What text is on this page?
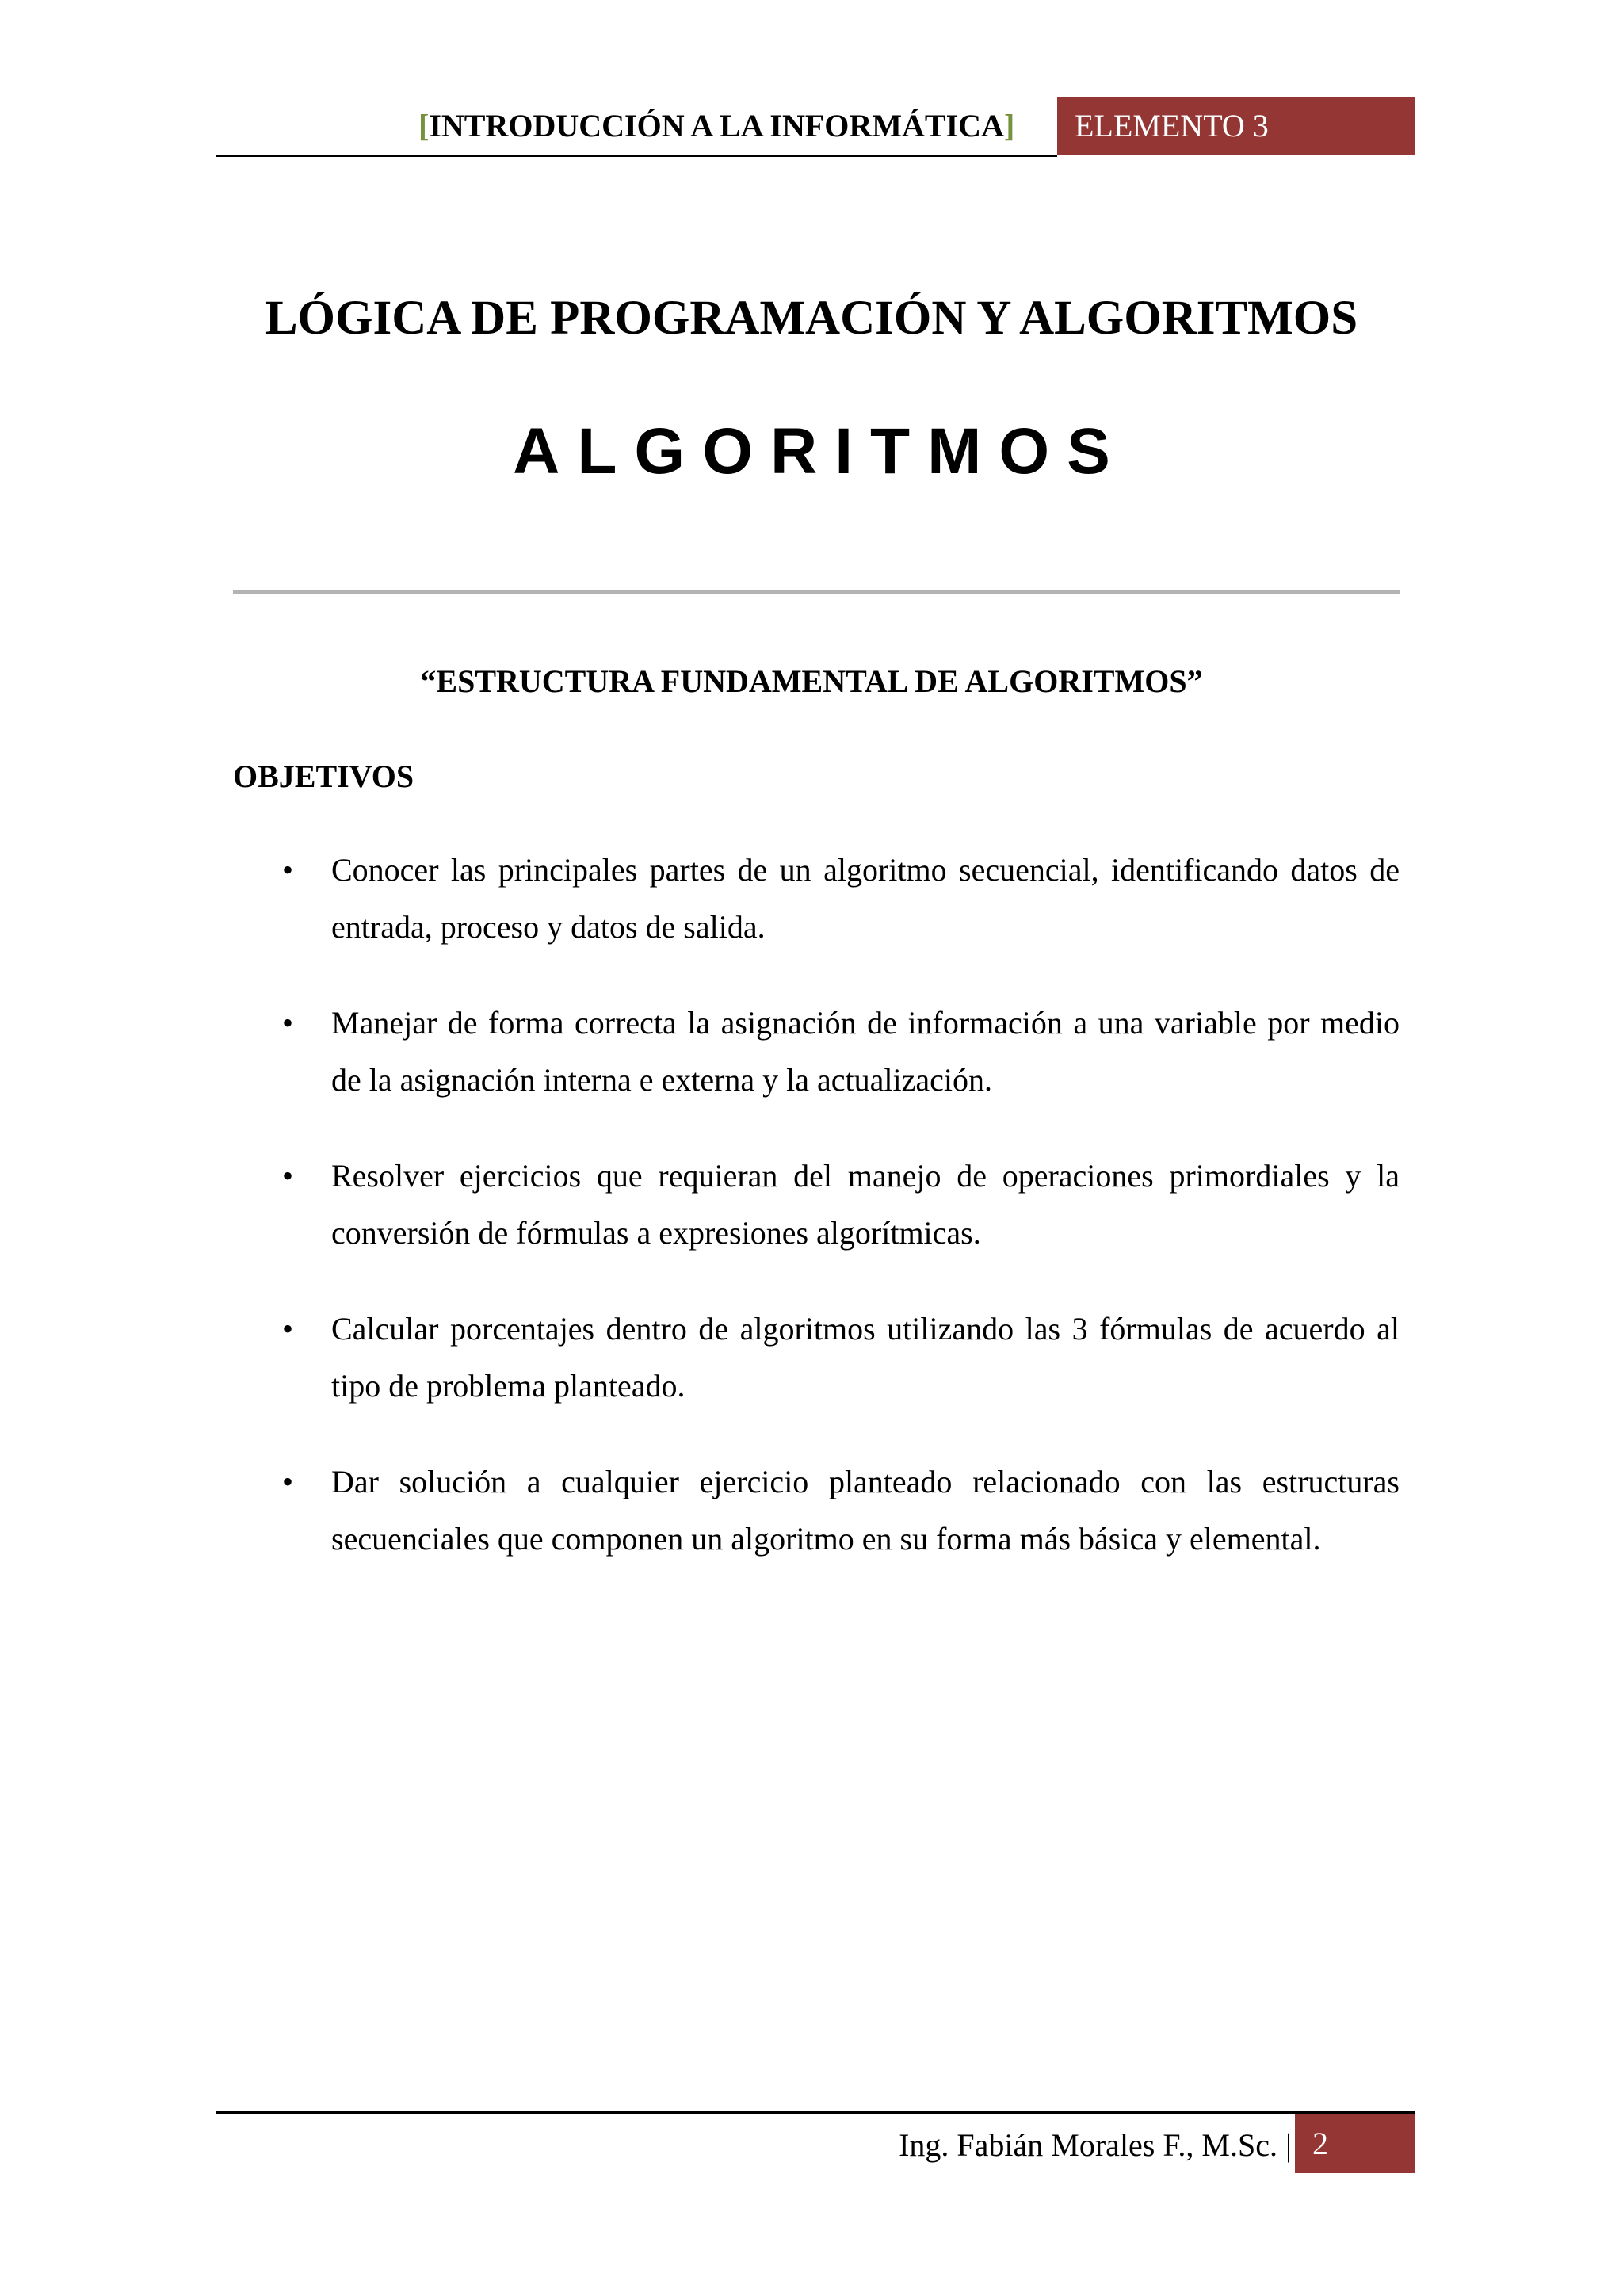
[INTRODUCCIÓN A LA INFORMÁTICA]	ELEMENTO 3
LÓGICA DE PROGRAMACIÓN Y ALGORITMOS
ALGORITMOS
“ESTRUCTURA FUNDAMENTAL DE ALGORITMOS”
OBJETIVOS
•	Conocer las principales partes de un algoritmo secuencial, identificando datos de entrada, proceso y datos de salida.
•	Manejar de forma correcta la asignación de información a una variable por medio de la asignación interna e externa y la actualización.
•	Resolver ejercicios que requieran del manejo de operaciones primordiales y la conversión de fórmulas a expresiones algorítmicas.
•	Calcular porcentajes dentro de algoritmos utilizando las 3 fórmulas de acuerdo al tipo de problema planteado.
•	Dar solución a cualquier ejercicio planteado relacionado con las estructuras secuenciales que componen un algoritmo en su forma más básica y elemental.
Ing. Fabián Morales F., M.Sc. | 2
